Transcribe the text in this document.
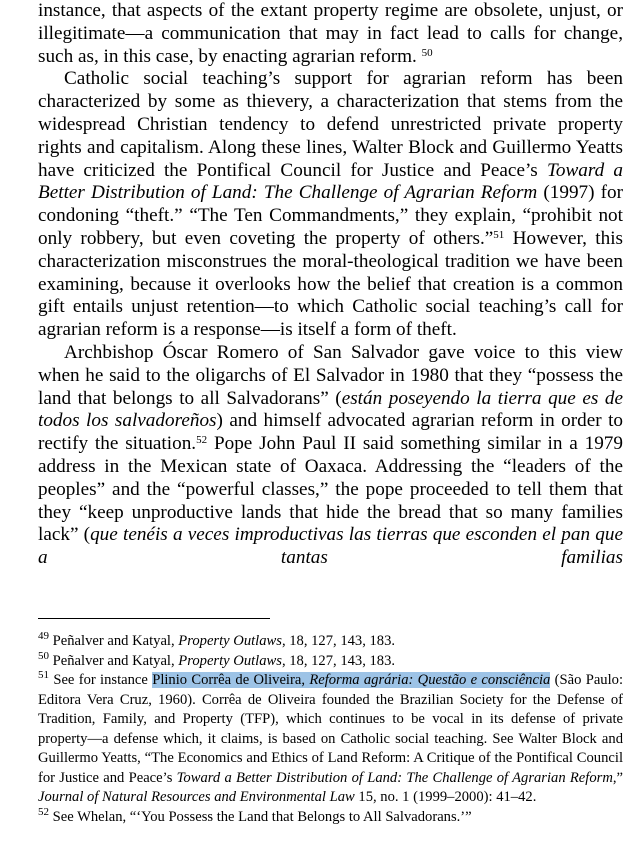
instance, that aspects of the extant property regime are obsolete, unjust, or illegitimate—a communication that may in fact lead to calls for change, such as, in this case, by enacting agrarian reform. $^{50}$

Catholic social teaching’s support for agrarian reform has been characterized by some as thievery, a characterization that stems from the widespread Christian tendency to defend unrestricted private property rights and capitalism. Along these lines, Walter Block and Guillermo Yeatts have criticized the Pontifical Council for Justice and Peace’s Toward a Better Distribution of Land: The Challenge of Agrarian Reform (1997) for condoning “theft.” “The Ten Commandments,” they explain, “prohibit not only robbery, but even coveting the property of others.”$^{51}$ However, this characterization misconstrues the moral-theological tradition we have been examining, because it overlooks how the belief that creation is a common gift entails unjust retention—to which Catholic social teaching’s call for agrarian reform is a response—is itself a form of theft.

Archbishop Óscar Romero of San Salvador gave voice to this view when he said to the oligarchs of El Salvador in 1980 that they “possess the land that belongs to all Salvadorans” (están poseyendo la tierra que es de todos los salvadoreños) and himself advocated agrarian reform in order to rectify the situation.$^{52}$ Pope John Paul II said something similar in a 1979 address in the Mexican state of Oaxaca. Addressing the “leaders of the peoples” and the “powerful classes,” the pope proceeded to tell them that they “keep unproductive lands that hide the bread that so many families lack” (que tenéis a veces improductivas las tierras que esconden el pan que a tantas familias

$^{49}$ Peñalver and Katyal, Property Outlaws, 18, 127, 143, 183.

$^{50}$ Peñalver and Katyal, Property Outlaws, 18, 127, 143, 183.

$^{51}$ See for instance Plinio Corrêa de Oliveira, Reforma agrária: Questão e consciência (São Paulo: Editora Vera Cruz, 1960). Corrêa de Oliveira founded the Brazilian Society for the Defense of Tradition, Family, and Property (TFP), which continues to be vocal in its defense of private property—a defense which, it claims, is based on Catholic social teaching. See Walter Block and Guillermo Yeatts, “The Economics and Ethics of Land Reform: A Critique of the Pontifical Council for Justice and Peace’s Toward a Better Distribution of Land: The Challenge of Agrarian Reform,” Journal of Natural Resources and Environmental Law 15, no. 1 (1999–2000): 41–42.

$^{52}$ See Whelan, “‘You Possess the Land that Belongs to All Salvadorans.’”
